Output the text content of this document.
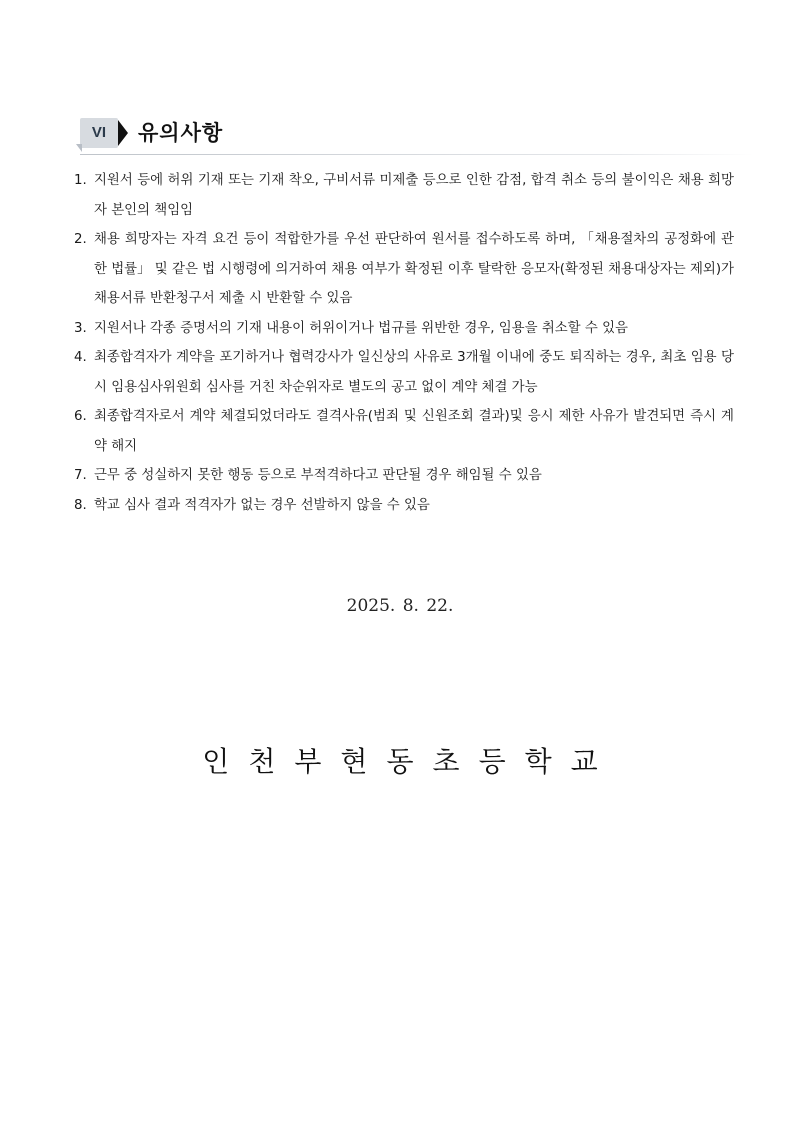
VI	유의사항
1. 지원서 등에 허위 기재 또는 기재 착오, 구비서류 미제출 등으로 인한 감점, 합격 취소 등의 불이익은 채용 희망자 본인의 책임임
2. 채용 희망자는 자격 요건 등이 적합한가를 우선 판단하여 원서를 접수하도록 하며, 「채용절차의 공정화에 관한 법률」 및 같은 법 시행령에 의거하여 채용 여부가 확정된 이후 탈락한 응모자(확정된 채용대상자는 제외)가 채용서류 반환청구서 제출 시 반환할 수 있음
3. 지원서나 각종 증명서의 기재 내용이 허위이거나 법규를 위반한 경우, 임용을 취소할 수 있음
4. 최종합격자가 계약을 포기하거나 협력강사가 일신상의 사유로 3개월 이내에 중도 퇴직하는 경우, 최초 임용 당시 임용심사위원회 심사를 거친 차순위자로 별도의 공고 없이 계약 체결 가능
6. 최종합격자로서 계약 체결되었더라도 결격사유(범죄 및 신원조회 결과)및 응시 제한 사유가 발견되면 즉시 계약 해지
7. 근무 중 성실하지 못한 행동 등으로 부적격하다고 판단될 경우 해임될 수 있음
8. 학교 심사 결과 적격자가 없는 경우 선발하지 않을 수 있음
2025. 8. 22.
인천부현동초등학교
